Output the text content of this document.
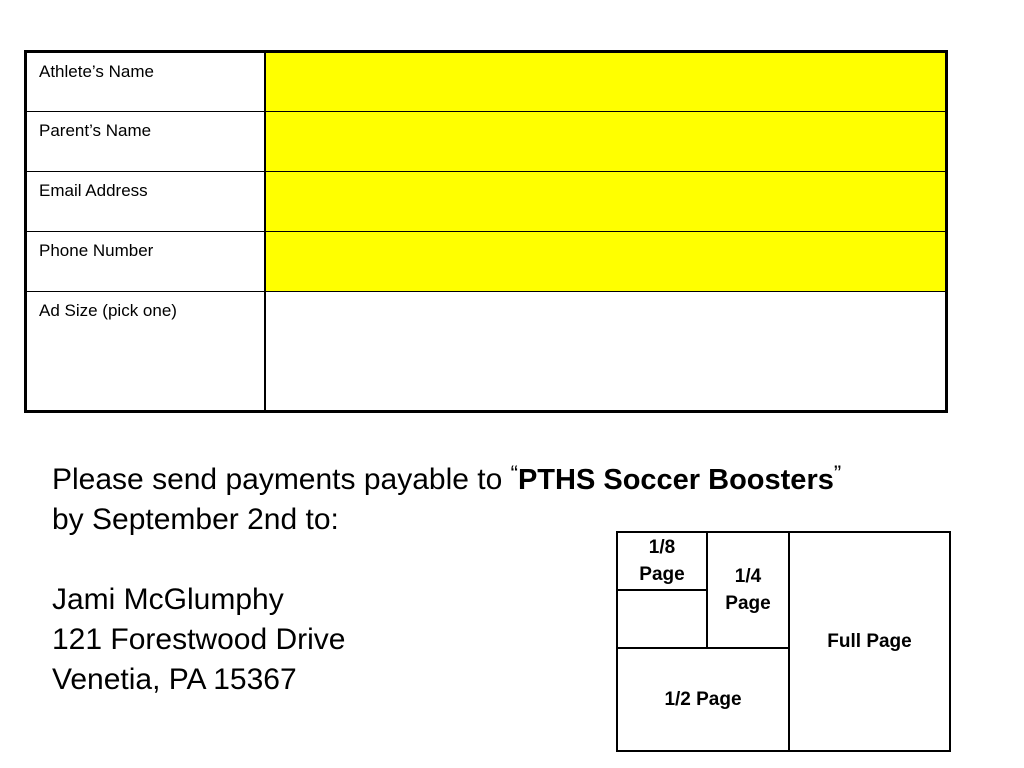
Athlete’s Name	
Parent’s Name	
Email Address	
Phone Number	
Ad Size (pick one)	
Please send payments payable to “PTHS Soccer Boosters”
by September 2nd to:
Jami McGlumphy
121 Forestwood Drive
Venetia, PA 15367
1/8 Page	1/4 Page
1/2 Page
Full Page
